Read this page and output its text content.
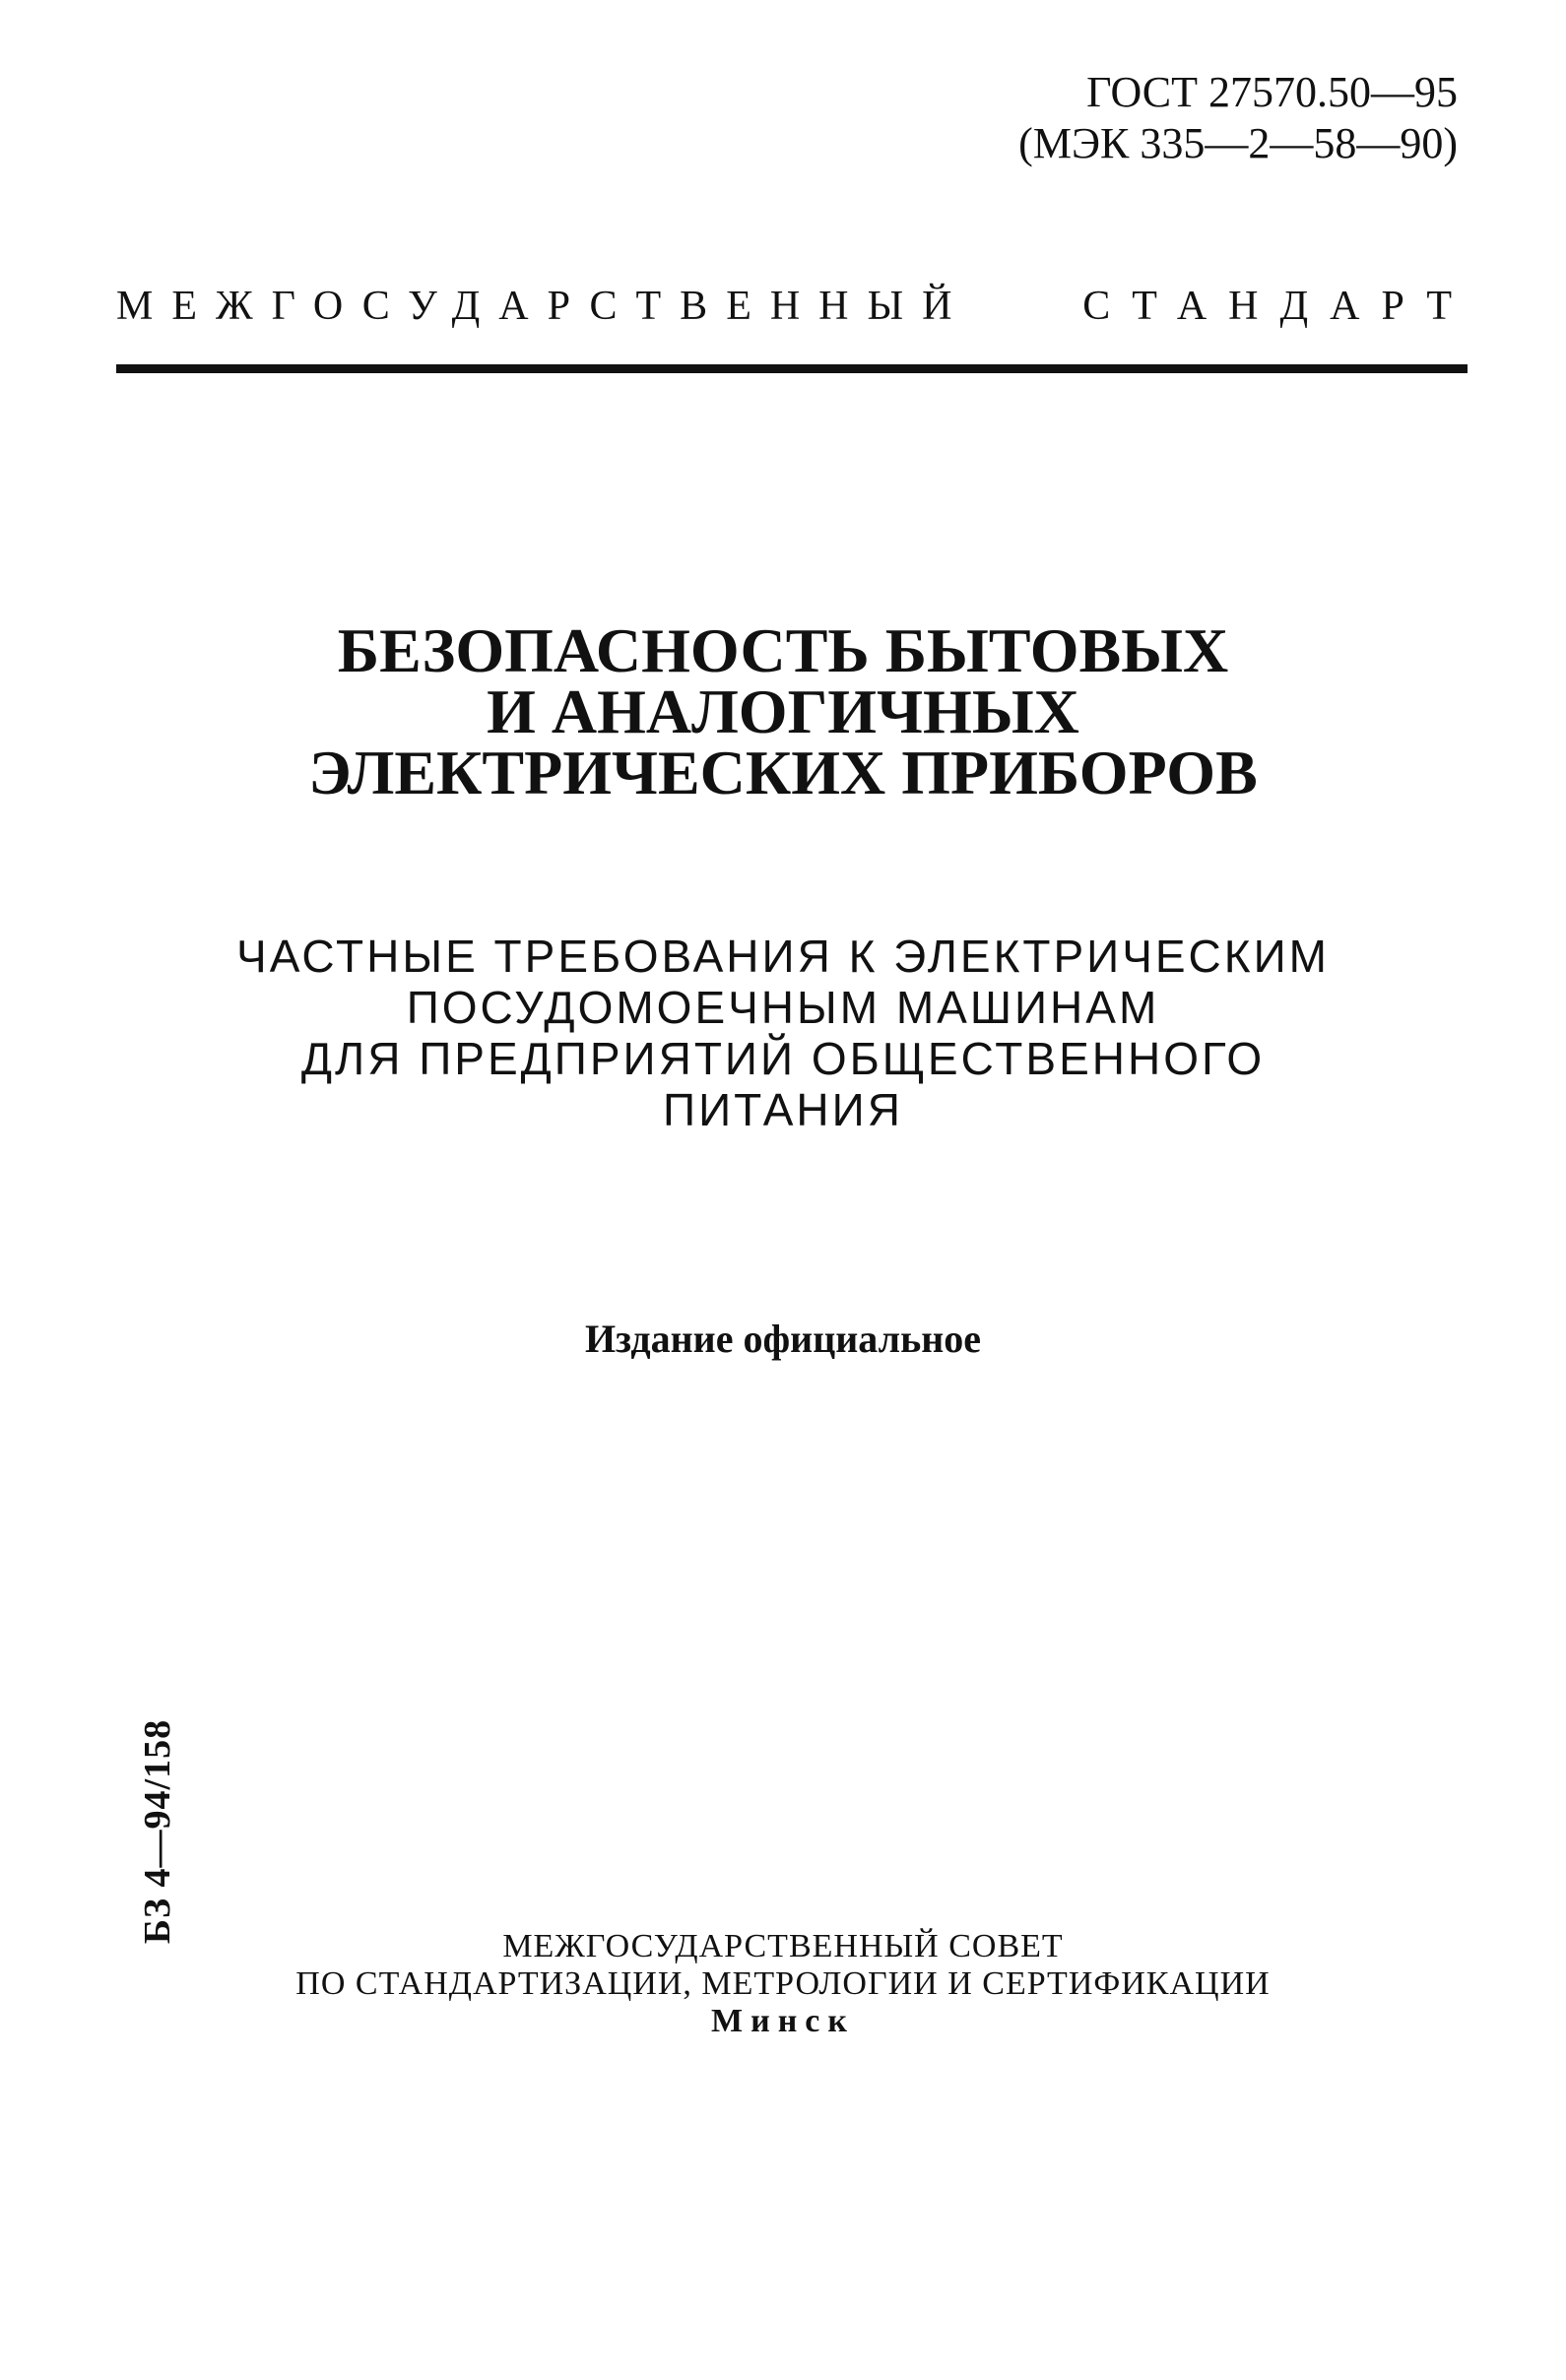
ГОСТ 27570.50—95
(МЭК 335—2—58—90)
МЕЖГОСУДАРСТВЕННЫЙ	СТАНДАРТ
БЕЗОПАСНОСТЬ БЫТОВЫХ
И АНАЛОГИЧНЫХ
ЭЛЕКТРИЧЕСКИХ ПРИБОРОВ
ЧАСТНЫЕ ТРЕБОВАНИЯ К ЭЛЕКТРИЧЕСКИМ
ПОСУДОМОЕЧНЫМ МАШИНАМ
ДЛЯ ПРЕДПРИЯТИЙ ОБЩЕСТВЕННОГО
ПИТАНИЯ
Издание официальное
БЗ 4—94/158
МЕЖГОСУДАРСТВЕННЫЙ СОВЕТ
ПО СТАНДАРТИЗАЦИИ, МЕТРОЛОГИИ И СЕРТИФИКАЦИИ
Минск
